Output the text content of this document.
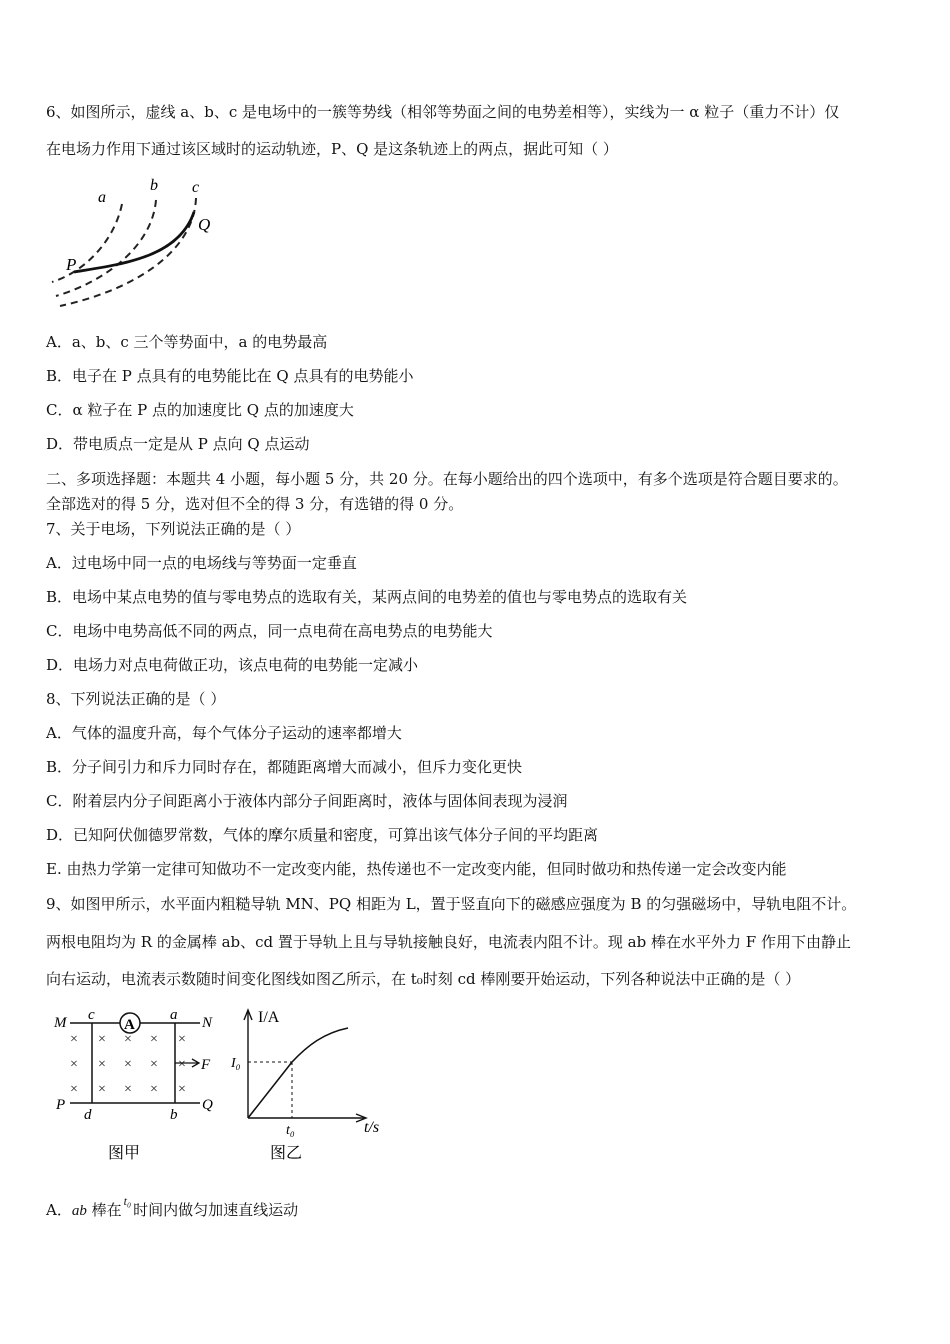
6、如图所示，虚线 a、b、c 是电场中的一簇等势线（相邻等势面之间的电势差相等），实线为一 α 粒子（重力不计）仅
在电场力作用下通过该区域时的运动轨迹，P、Q 是这条轨迹上的两点，据此可知（ ）
a
b c
P
Q
A．a、b、c 三个等势面中，a 的电势最高
B．电子在 P 点具有的电势能比在 Q 点具有的电势能小
C．α 粒子在 P 点的加速度比 Q 点的加速度大
D．带电质点一定是从 P 点向 Q 点运动
二、多项选择题：本题共 4 小题，每小题 5 分，共 20 分。在每小题给出的四个选项中，有多个选项是符合题目要求的。
全部选对的得 5 分，选对但不全的得 3 分，有选错的得 0 分。
7、关于电场，下列说法正确的是（ ）
A．过电场中同一点的电场线与等势面一定垂直
B．电场中某点电势的值与零电势点的选取有关，某两点间的电势差的值也与零电势点的选取有关
C．电场中电势高低不同的两点，同一点电荷在高电势点的电势能大
D．电场力对点电荷做正功，该点电荷的电势能一定减小
8、下列说法正确的是（ ）
A．气体的温度升高，每个气体分子运动的速率都增大
B．分子间引力和斥力同时存在，都随距离增大而减小，但斥力变化更快
C．附着层内分子间距离小于液体内部分子间距离时，液体与固体间表现为浸润
D．已知阿伏伽德罗常数，气体的摩尔质量和密度，可算出该气体分子间的平均距离
E. 由热力学第一定律可知做功不一定改变内能，热传递也不一定改变内能，但同时做功和热传递一定会改变内能
9、如图甲所示，水平面内粗糙导轨 MN、PQ 相距为 L，置于竖直向下的磁感应强度为 B 的匀强磁场中，导轨电阻不计。
两根电阻均为 R 的金属棒 ab、cd 置于导轨上且与导轨接触良好，电流表内阻不计。现 ab 棒在水平外力 F 作用下由静止
向右运动，电流表示数随时间变化图线如图乙所示，在 t₀时刻 cd 棒刚要开始运动，下列各种说法中正确的是（ ）
A
M	N
P	Q
c	a
d	b
× × × × ×
× × × × ×
× × × × ×
F
图甲
I/A
t/s
I₀
t₀
图乙
A．ab 棒在 $^{t_0}$ 时间内做匀加速直线运动
